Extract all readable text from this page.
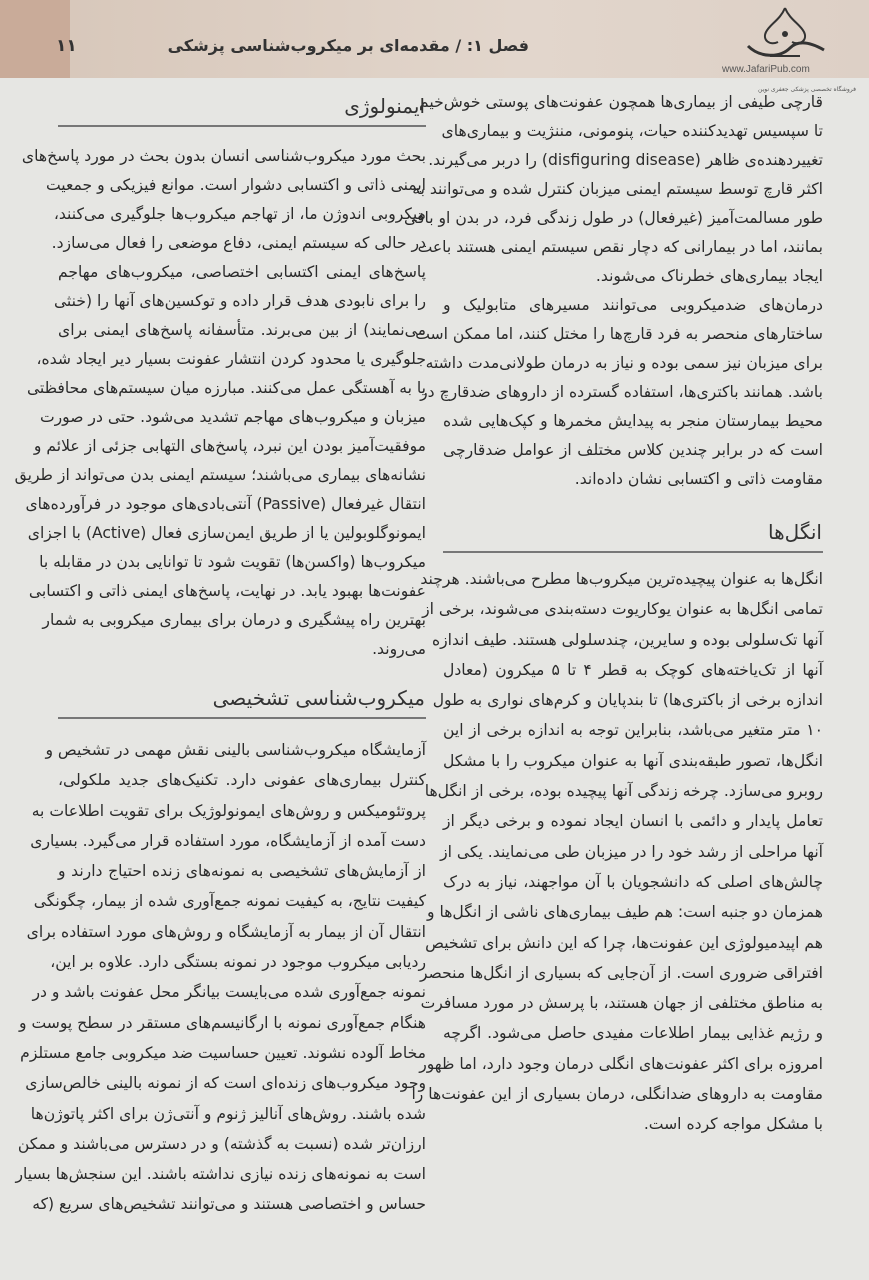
۱۱	فصل ۱: / مقدمه‌ای بر میکروب‌شناسی پزشکی
www.JafariPub.com
فروشگاه تخصصی پزشکی جعفری نوین
قارچی طیفی از بیماری‌ها همچون عفونت‌های پوستی خوش‌خیم
تا سپسیس تهدیدکننده حیات، پنومونی، مننژیت و بیماری‌های
تغییردهنده‌ی ظاهر (disfiguring disease) را دربر می‌گیرند.
اکثر قارچ توسط سیستم ایمنی میزبان کنترل شده و می‌توانند به
طور مسالمت‌آمیز (غیرفعال) در طول زندگی فرد، در بدن او باقی
بمانند، اما در بیمارانی که دچار نقص سیستم ایمنی هستند باعث
ایجاد بیماری‌های خطرناک می‌شوند.
درمان‌های ضدمیکروبی می‌توانند مسیرهای متابولیک و
ساختارهای منحصر به فرد قارچ‌ها را مختل کنند، اما ممکن است
برای میزبان نیز سمی بوده و نیاز به درمان طولانی‌مدت داشته
باشد. همانند باکتری‌ها، استفاده گسترده از داروهای ضدقارچ در
محیط بیمارستان منجر به پیدایش مخمرها و کپک‌هایی شده
است که در برابر چندین کلاس مختلف از عوامل ضدقارچی
مقاومت ذاتی و اکتسابی نشان داده‌اند.
انگل‌ها
انگل‌ها به عنوان پیچیده‌ترین میکروب‌ها مطرح می‌باشند. هرچند
تمامی انگل‌ها به عنوان یوکاریوت دسته‌بندی می‌شوند، برخی از
آنها تک‌سلولی بوده و سایرین، چندسلولی هستند. طیف اندازه
آنها از تک‌یاخته‌های کوچک به قطر ۴ تا ۵ میکرون (معادل
اندازه برخی از باکتری‌ها) تا بندپایان و کرم‌های نواری به طول
۱۰ متر متغیر می‌باشد، بنابراین توجه به اندازه برخی از این
انگل‌ها، تصور طبقه‌بندی آنها به عنوان میکروب را با مشکل
روبرو می‌سازد. چرخه زندگی آنها پیچیده بوده، برخی از انگل‌ها
تعامل پایدار و دائمی با انسان ایجاد نموده و برخی دیگر از
آنها مراحلی از رشد خود را در میزبان طی می‌نمایند. یکی از
چالش‌های اصلی که دانشجویان با آن مواجهند، نیاز به درک
همزمان دو جنبه است: هم طیف بیماری‌های ناشی از انگل‌ها و
هم اپیدمیولوژی این عفونت‌ها، چرا که این دانش برای تشخیص
افتراقی ضروری است. از آن‌جایی که بسیاری از انگل‌ها منحصر
به مناطق مختلفی از جهان هستند، با پرسش در مورد مسافرت
و رژیم غذایی بیمار اطلاعات مفیدی حاصل می‌شود. اگرچه
امروزه برای اکثر عفونت‌های انگلی درمان وجود دارد، اما ظهور
مقاومت به داروهای ضدانگلی، درمان بسیاری از این عفونت‌ها را
با مشکل مواجه کرده است.
ایمنولوژی
بحث مورد میکروب‌شناسی انسان بدون بحث در مورد پاسخ‌های
ایمنی ذاتی و اکتسابی دشوار است. موانع فیزیکی و جمعیت
میکروبی اندوژن ما، از تهاجم میکروب‌ها جلوگیری می‌کنند،
در حالی که سیستم ایمنی، دفاع موضعی را فعال می‌سازد.
پاسخ‌های ایمنی اکتسابی اختصاصی، میکروب‌های مهاجم
را برای نابودی هدف قرار داده و توکسین‌های آنها را (خنثی
می‌نمایند) از بین می‌برند. متأسفانه پاسخ‌های ایمنی برای
جلوگیری یا محدود کردن انتشار عفونت بسیار دیر ایجاد شده،
یا به آهستگی عمل می‌کنند. مبارزه میان سیستم‌های محافظتی
میزبان و میکروب‌های مهاجم تشدید می‌شود. حتی در صورت
موفقیت‌آمیز بودن این نبرد، پاسخ‌های التهابی جزئی از علائم و
نشانه‌های بیماری می‌باشند؛ سیستم ایمنی بدن می‌تواند از طریق
انتقال غیرفعال (Passive) آنتی‌بادی‌های موجود در فرآورده‌های
ایمونوگلوبولین یا از طریق ایمن‌سازی فعال (Active) با اجزای
میکروب‌ها (واکسن‌ها) تقویت شود تا توانایی بدن در مقابله با
عفونت‌ها بهبود یابد. در نهایت، پاسخ‌های ایمنی ذاتی و اکتسابی
بهترین راه پیشگیری و درمان برای بیماری میکروبی به شمار
می‌روند.
میکروب‌شناسی تشخیصی
آزمایشگاه میکروب‌شناسی بالینی نقش مهمی در تشخیص و
کنترل بیماری‌های عفونی دارد. تکنیک‌های جدید ملکولی،
پروتئومیکس و روش‌های ایمونولوژیک برای تقویت اطلاعات به
دست آمده از آزمایشگاه، مورد استفاده قرار می‌گیرد. بسیاری
از آزمایش‌های تشخیصی به نمونه‌های زنده احتیاج دارند و
کیفیت نتایج، به کیفیت نمونه جمع‌آوری شده از بیمار، چگونگی
انتقال آن از بیمار به آزمایشگاه و روش‌های مورد استفاده برای
ردیابی میکروب موجود در نمونه بستگی دارد. علاوه بر این،
نمونه جمع‌آوری شده می‌بایست بیانگر محل عفونت باشد و در
هنگام جمع‌آوری نمونه با ارگانیسم‌های مستقر در سطح پوست و
مخاط آلوده نشوند. تعیین حساسیت ضد میکروبی جامع مستلزم
وجود میکروب‌های زنده‌ای است که از نمونه بالینی خالص‌سازی
شده باشند. روش‌های آنالیز ژنوم و آنتی‌ژن برای اکثر پاتوژن‌ها
ارزان‌تر شده (نسبت به گذشته) و در دسترس می‌باشند و ممکن
است به نمونه‌های زنده نیازی نداشته باشند. این سنجش‌ها بسیار
حساس و اختصاصی هستند و می‌توانند تشخیص‌های سریع (که
